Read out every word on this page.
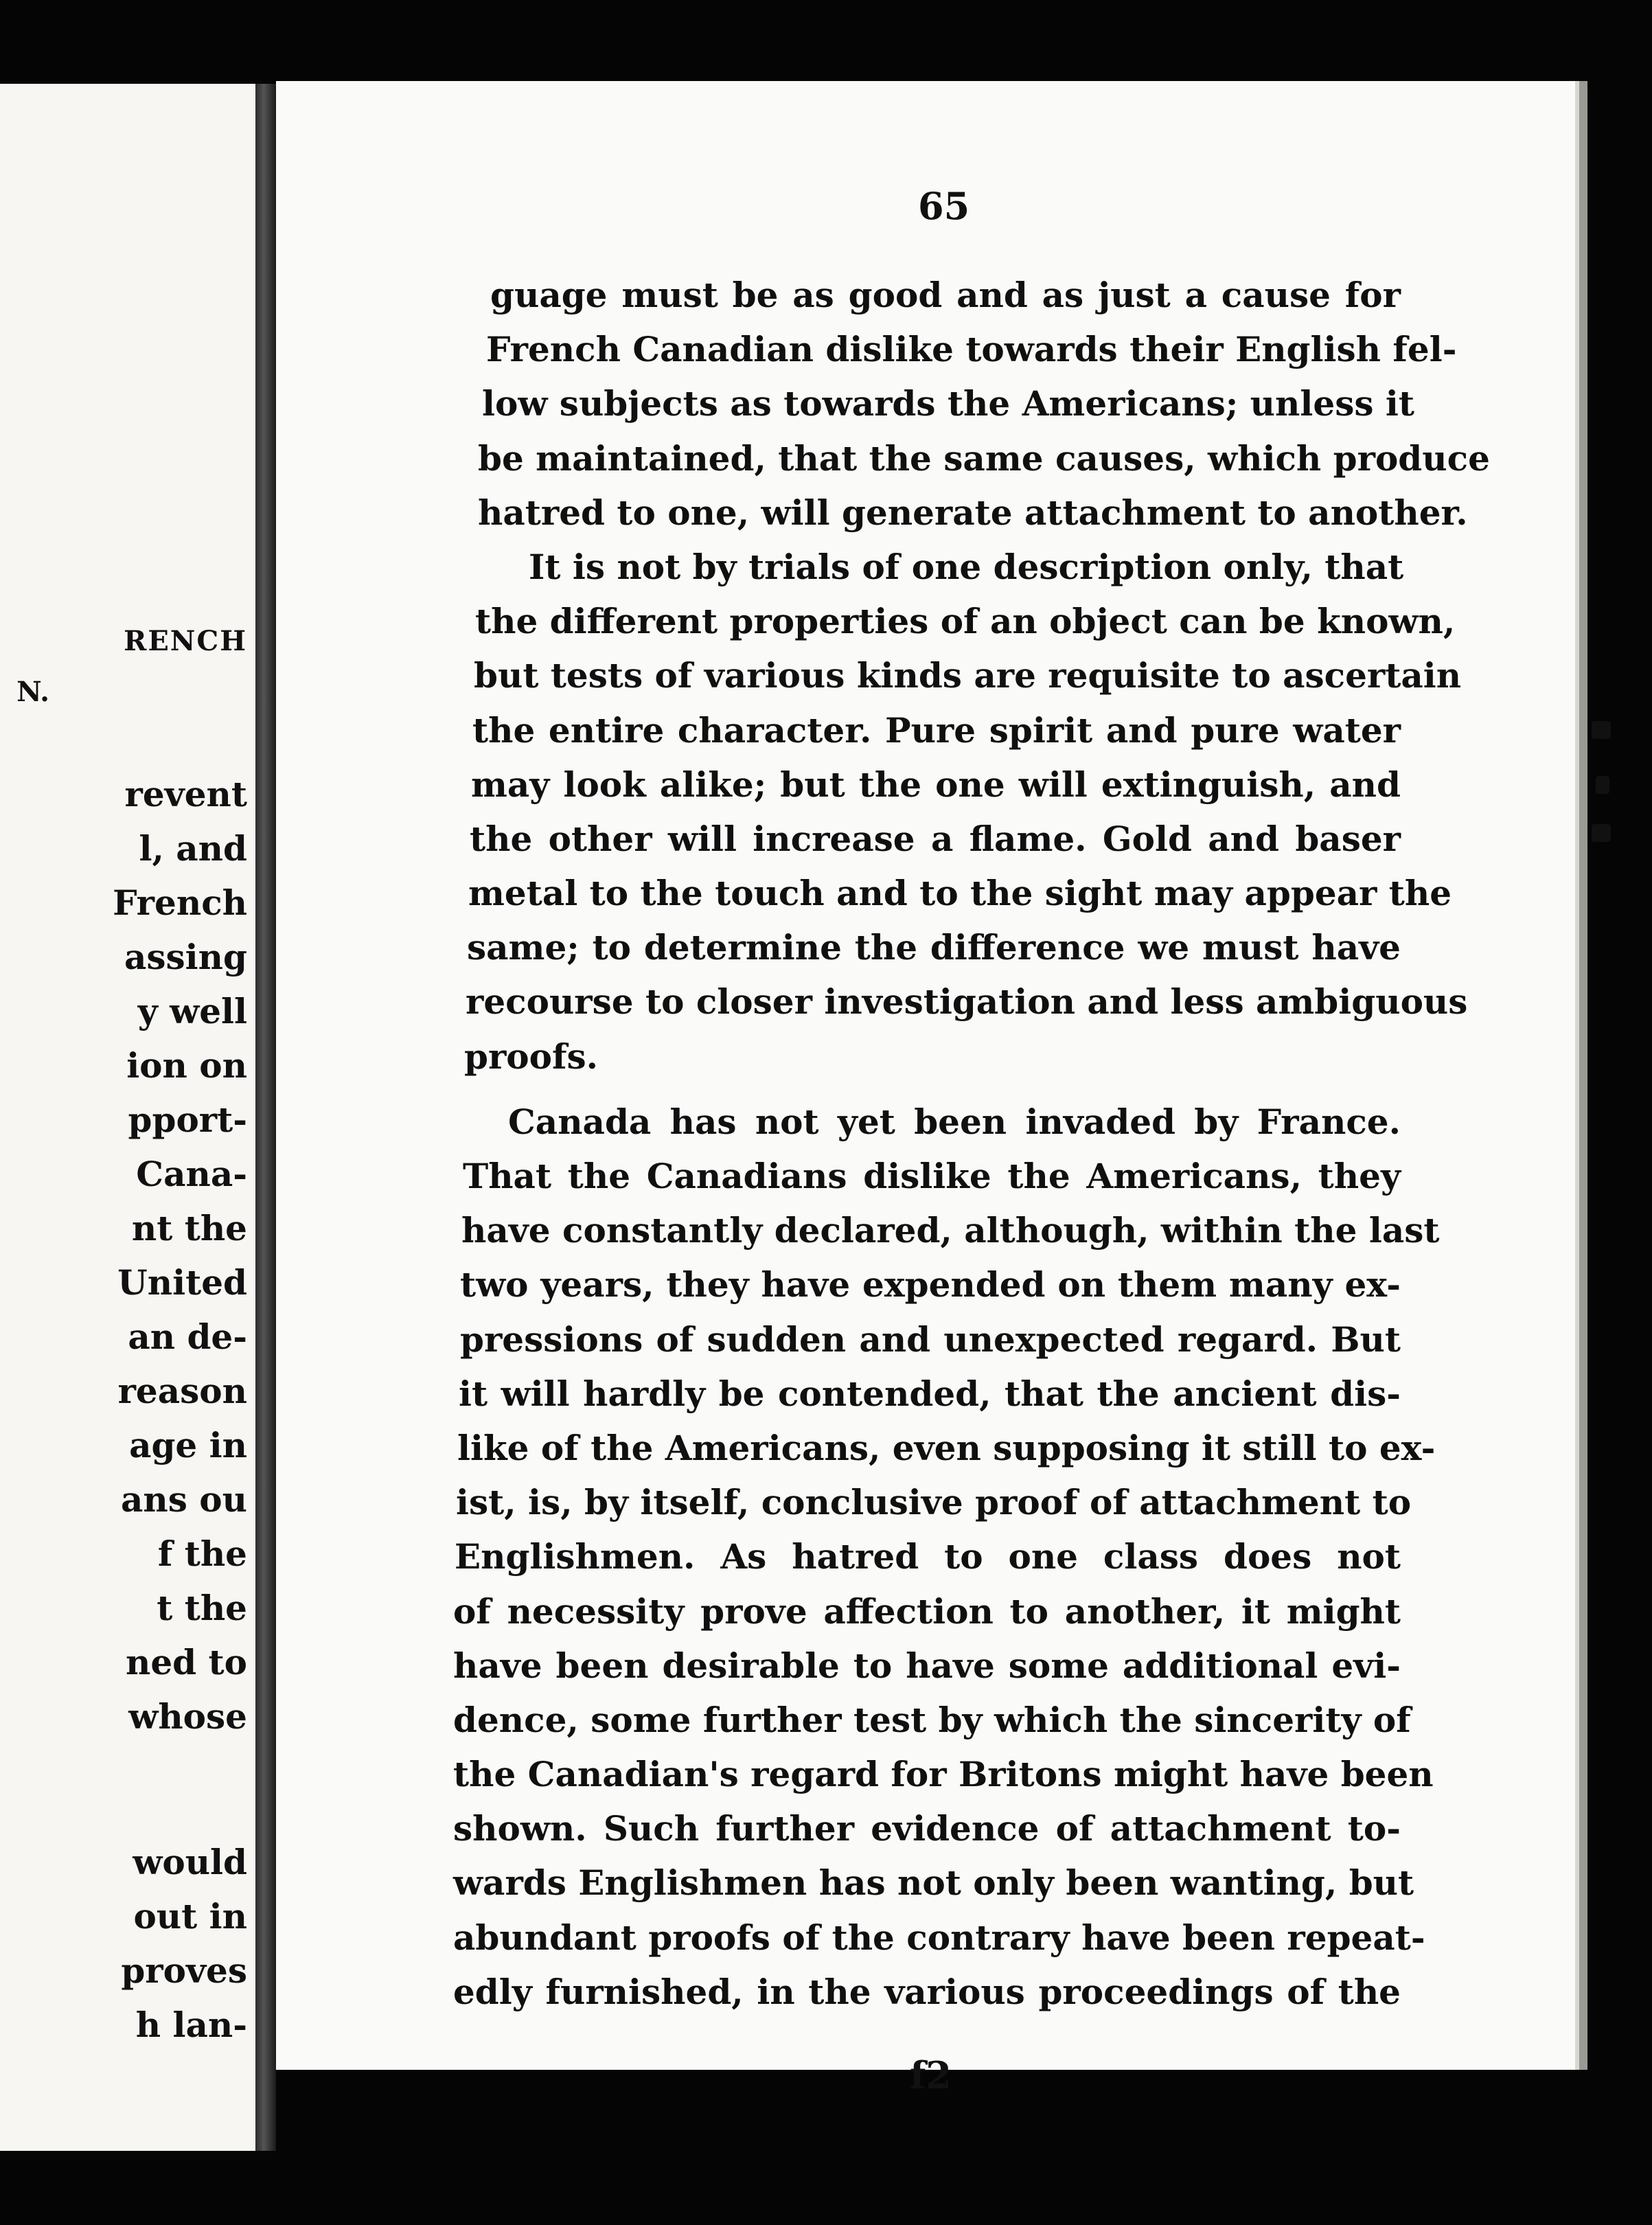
RENCH
N.
revent
l, and
French
assing
y well
ion on
pport-
Cana-
nt the
United
an de-
reason
age in
ans ou
f the
t the
ned to
whose
would
out in
proves
h lan-
65
guage must be as good and as just a cause for
French Canadian dislike towards their English fel-
low subjects as towards the Americans; unless it
be maintained, that the same causes, which produce
hatred to one, will generate attachment to another.
It is not by trials of one description only, that
the different properties of an object can be known,
but tests of various kinds are requisite to ascertain
the entire character. Pure spirit and pure water
may look alike; but the one will extinguish, and
the other will increase a flame. Gold and baser
metal to the touch and to the sight may appear the
same; to determine the difference we must have
recourse to closer investigation and less ambiguous
proofs.
Canada has not yet been invaded by France.
That the Canadians dislike the Americans, they
have constantly declared, although, within the last
two years, they have expended on them many ex-
pressions of sudden and unexpected regard. But
it will hardly be contended, that the ancient dis-
like of the Americans, even supposing it still to ex-
ist, is, by itself, conclusive proof of attachment to
Englishmen. As hatred to one class does not
of necessity prove affection to another, it might
have been desirable to have some additional evi-
dence, some further test by which the sincerity of
the Canadian's regard for Britons might have been
shown. Such further evidence of attachment to-
wards Englishmen has not only been wanting, but
abundant proofs of the contrary have been repeat-
edly furnished, in the various proceedings of the
f2
